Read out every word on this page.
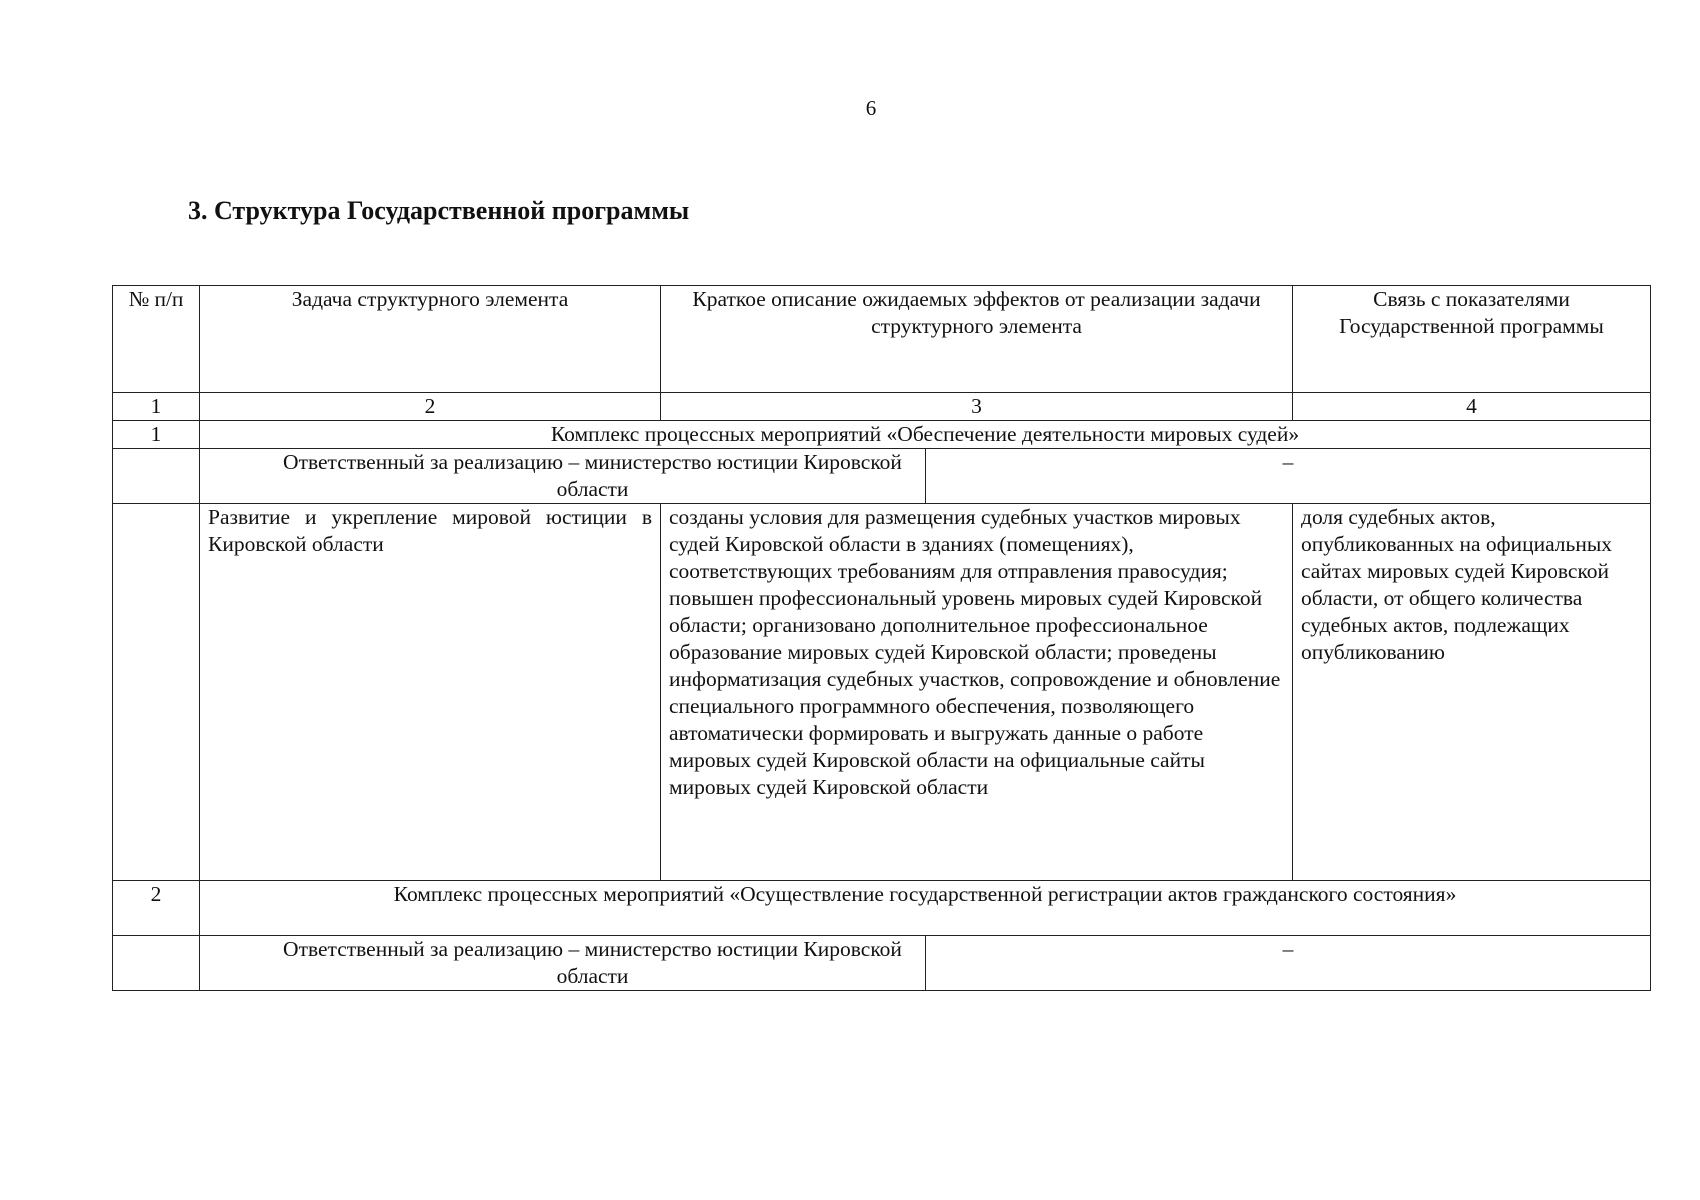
6
3. Структура Государственной программы
№ п/п	Задача структурного элемента	Краткое описание ожидаемых эффектов от реализации задачи структурного элемента		Связь с показателями Государственной программы
1	2	3		4
1	Комплекс процессных мероприятий «Обеспечение деятельности мировых судей»			

	Ответственный за реализацию – министерство юстиции Кировской области		–	
	Развитие и укрепление мировой юстиции в Кировской области	созданы условия для размещения судебных участков мировых судей Кировской области в зданиях (помещениях), соответствующих требованиям для отправления правосудия; повышен профессиональный уровень мировых судей Кировской области; организовано дополнительное профессиональное образование мировых судей Кировской области; проведены информатизация судебных участков, сопровождение и обновление специального программного обеспечения, позволяющего автоматически формировать и выгружать данные о работе мировых судей Кировской области на официальные сайты мировых судей Кировской области		доля судебных актов, опубликованных на официальных сайтах мировых судей Кировской области, от общего количества судебных актов, подлежащих опубликованию
2	Комплекс процессных мероприятий «Осуществление государственной регистрации актов гражданского состояния»			

	Ответственный за реализацию – министерство юстиции Кировской области		–	
